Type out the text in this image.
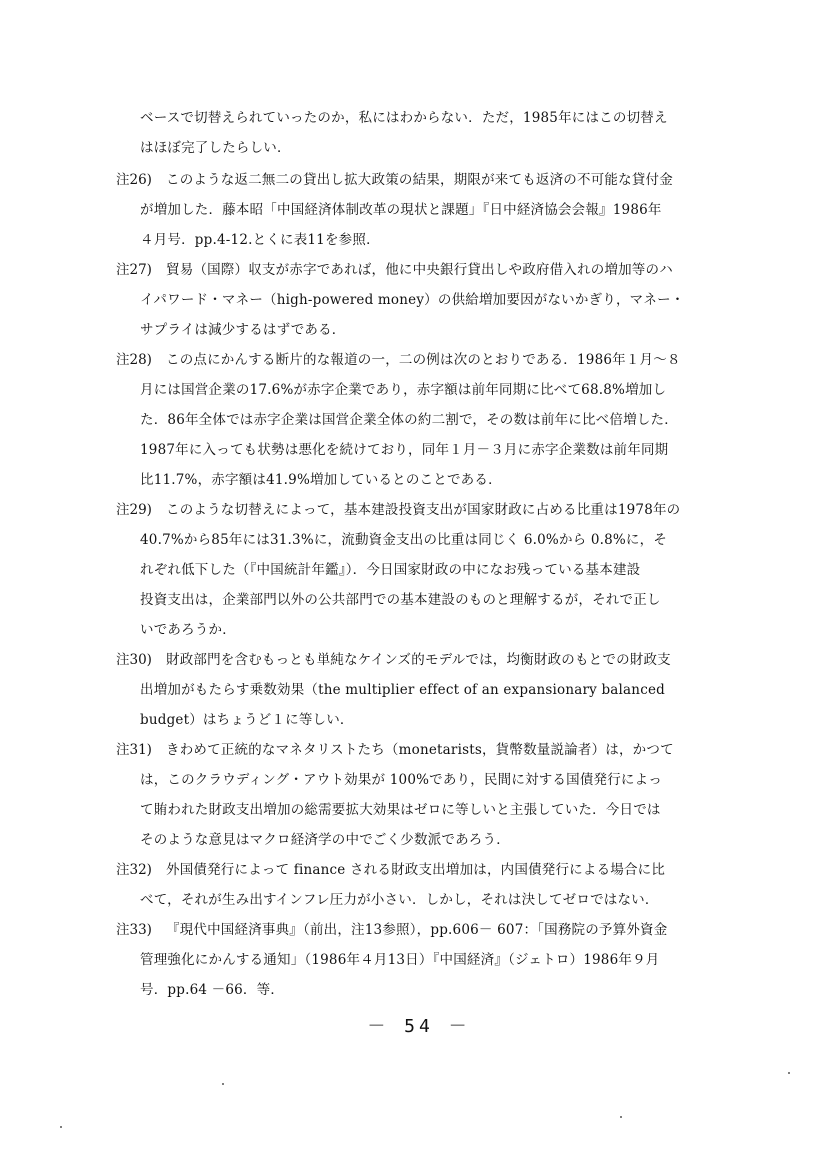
ベースで切替えられていったのか，私にはわからない．ただ，1985年にはこの切替え
はほぼ完了したらしい．
注26) このような返二無二の貸出し拡大政策の結果，期限が来ても返済の不可能な貸付金
が増加した．藤本昭「中国経済体制改革の現状と課題」『日中経済協会会報』1986年
４月号．pp.4-12.とくに表11を参照．
注27) 貿易（国際）収支が赤字であれば，他に中央銀行貸出しや政府借入れの増加等のハ
イパワード・マネー（high-powered money）の供給増加要因がないかぎり，マネー・
サプライは減少するはずである．
注28) この点にかんする断片的な報道の一，二の例は次のとおりである．1986年１月～８
月には国営企業の17.6%が赤字企業であり，赤字額は前年同期に比べて68.8%増加し
た．86年全体では赤字企業は国営企業全体の約二割で，その数は前年に比べ倍増した．
1987年に入っても状勢は悪化を続けており，同年１月－３月に赤字企業数は前年同期
比11.7%，赤字額は41.9%増加しているとのことである．
注29) このような切替えによって，基本建設投資支出が国家財政に占める比重は1978年の
40.7%から85年には31.3%に，流動資金支出の比重は同じく 6.0%から 0.8%に，そ
れぞれ低下した（『中国統計年鑑』）．今日国家財政の中になお残っている基本建設
投資支出は，企業部門以外の公共部門での基本建設のものと理解するが，それで正し
いであろうか．
注30) 財政部門を含むもっとも単純なケインズ的モデルでは，均衡財政のもとでの財政支
出増加がもたらす乗数効果（the multiplier effect of an expansionary balanced
budget）はちょうど１に等しい．
注31) きわめて正統的なマネタリストたち（monetarists，貨幣数量説論者）は，かつて
は，このクラウディング・アウト効果が 100%であり，民間に対する国債発行によっ
て賄われた財政支出増加の総需要拡大効果はゼロに等しいと主張していた．今日では
そのような意見はマクロ経済学の中でごく少数派であろう．
注32) 外国債発行によって finance される財政支出増加は，内国債発行による場合に比
べて，それが生み出すインフレ圧力が小さい．しかし，それは決してゼロではない．
注33) 『現代中国経済事典』（前出，注13参照），pp.606－ 607：「国務院の予算外資金
管理強化にかんする通知」（1986年４月13日）『中国経済』（ジェトロ）1986年９月
号．pp.64 －66．等．
－ 54 －
